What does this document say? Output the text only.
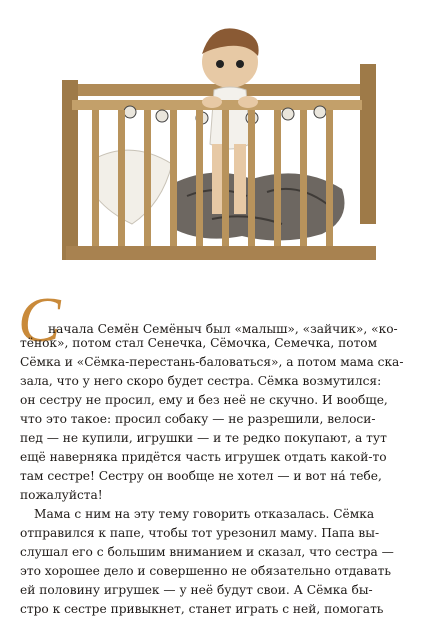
С
начала Семён Семёныч был «малыш», «зайчик», «ко-
тёнок», потом стал Сенечка, Сёмочка, Семечка, потом
Сёмка и «Сёмка-перестань-баловаться», а потом мама ска-
зала, что у него скоро будет сестра. Сёмка возмутился:
он сестру не просил, ему и без неё не скучно. И вообще,
что это такое: просил собаку — не разрешили, велоси-
пед — не купили, игрушки — и те редко покупают, а тут
ещё наверняка придётся часть игрушек отдать какой-то
там сестре! Сестру он вообще не хотел — и вот нá тебе,
пожалуйста!
Мама с ним на эту тему говорить отказалась. Сёмка
отправился к папе, чтобы тот урезонил маму. Папа вы-
слушал его с большим вниманием и сказал, что сестра —
это хорошее дело и совершенно не обязательно отдавать
ей половину игрушек — у неё будут свои. А Сёмка бы-
стро к сестре привыкнет, станет играть с ней, помогать
